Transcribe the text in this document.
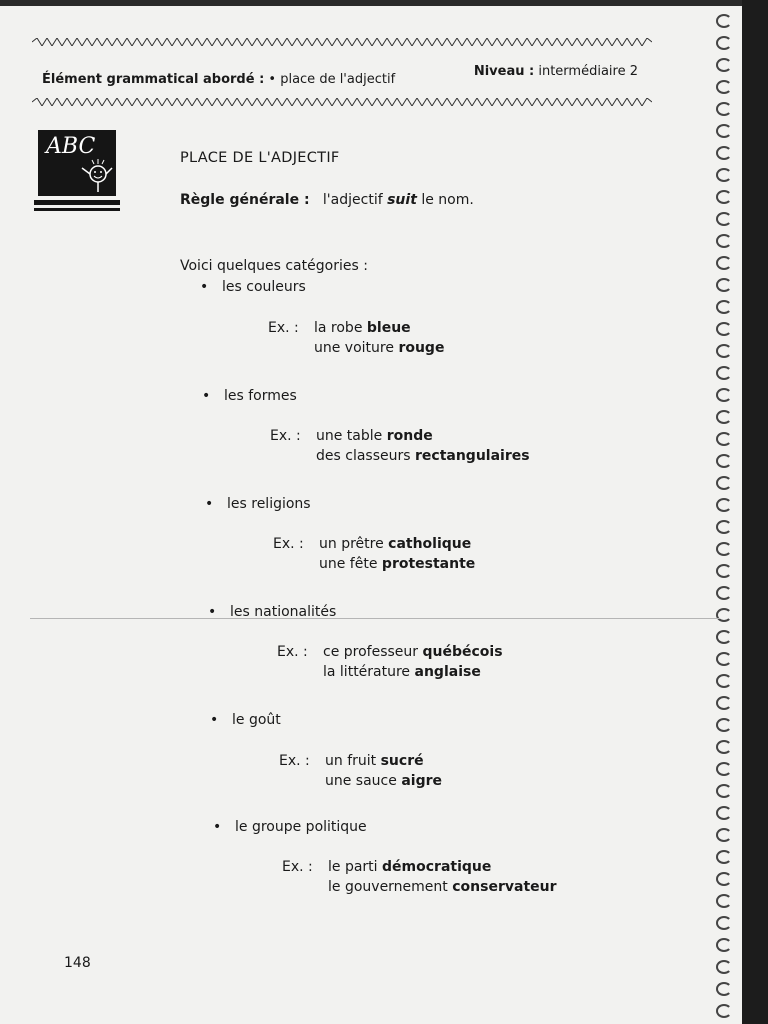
Élément grammatical abordé : • place de l'adjectif
Niveau : intermédiaire 2
ABC	PLACE DE L'ADJECTIF
Règle générale : l'adjectif suit le nom.
Voici quelques catégories :
• les couleurs
Ex. : la robe bleue
une voiture rouge
• les formes
Ex. : une table ronde
des classeurs rectangulaires
• les religions
Ex. : un prêtre catholique
une fête protestante
• les nationalités
Ex. : ce professeur québécois
la littérature anglaise
• le goût
Ex. : un fruit sucré
une sauce aigre
• le groupe politique
Ex. : le parti démocratique
le gouvernement conservateur
148
